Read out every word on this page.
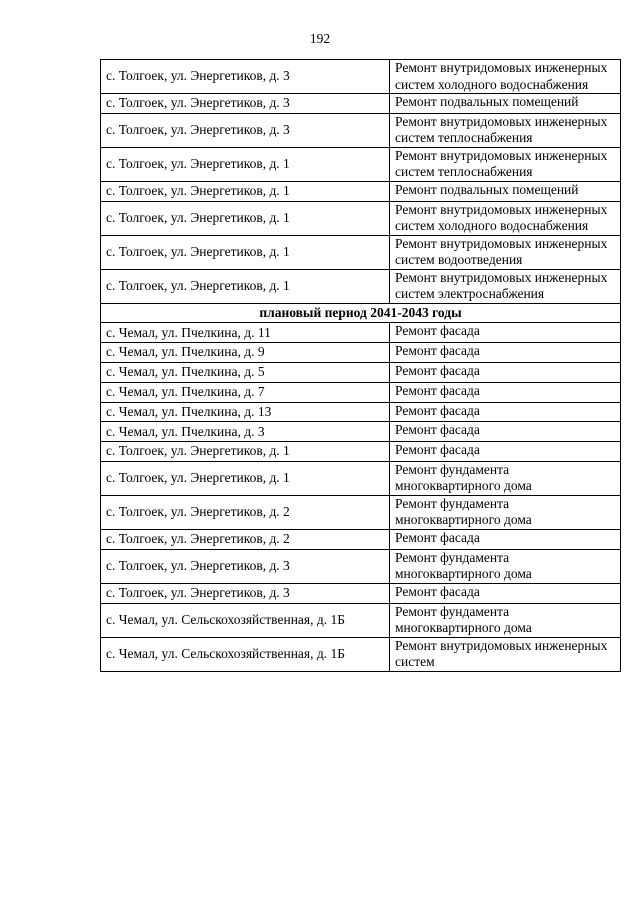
192
с. Толгоек, ул. Энергетиков, д. 3	Ремонт внутридомовых инженерных систем холодного водоснабжения
с. Толгоек, ул. Энергетиков, д. 3	Ремонт подвальных помещений
с. Толгоек, ул. Энергетиков, д. 3	Ремонт внутридомовых инженерных систем теплоснабжения
с. Толгоек, ул. Энергетиков, д. 1	Ремонт внутридомовых инженерных систем теплоснабжения
с. Толгоек, ул. Энергетиков, д. 1	Ремонт подвальных помещений
с. Толгоек, ул. Энергетиков, д. 1	Ремонт внутридомовых инженерных систем холодного водоснабжения
с. Толгоек, ул. Энергетиков, д. 1	Ремонт внутридомовых инженерных систем водоотведения
с. Толгоек, ул. Энергетиков, д. 1	Ремонт внутридомовых инженерных систем электроснабжения
плановый период 2041-2043 годы	
с. Чемал, ул. Пчелкина, д. 11	Ремонт фасада
с. Чемал, ул. Пчелкина, д. 9	Ремонт фасада
с. Чемал, ул. Пчелкина, д. 5	Ремонт фасада
с. Чемал, ул. Пчелкина, д. 7	Ремонт фасада
с. Чемал, ул. Пчелкина, д. 13	Ремонт фасада
с. Чемал, ул. Пчелкина, д. 3	Ремонт фасада
с. Толгоек, ул. Энергетиков, д. 1	Ремонт фасада
с. Толгоек, ул. Энергетиков, д. 1	Ремонт фундамента многоквартирного дома
с. Толгоек, ул. Энергетиков, д. 2	Ремонт фундамента многоквартирного дома
с. Толгоек, ул. Энергетиков, д. 2	Ремонт фасада
с. Толгоек, ул. Энергетиков, д. 3	Ремонт фундамента многоквартирного дома
с. Толгоек, ул. Энергетиков, д. 3	Ремонт фасада
с. Чемал, ул. Сельскохозяйственная, д. 1Б	Ремонт фундамента многоквартирного дома
с. Чемал, ул. Сельскохозяйственная, д. 1Б	Ремонт внутридомовых инженерных систем
